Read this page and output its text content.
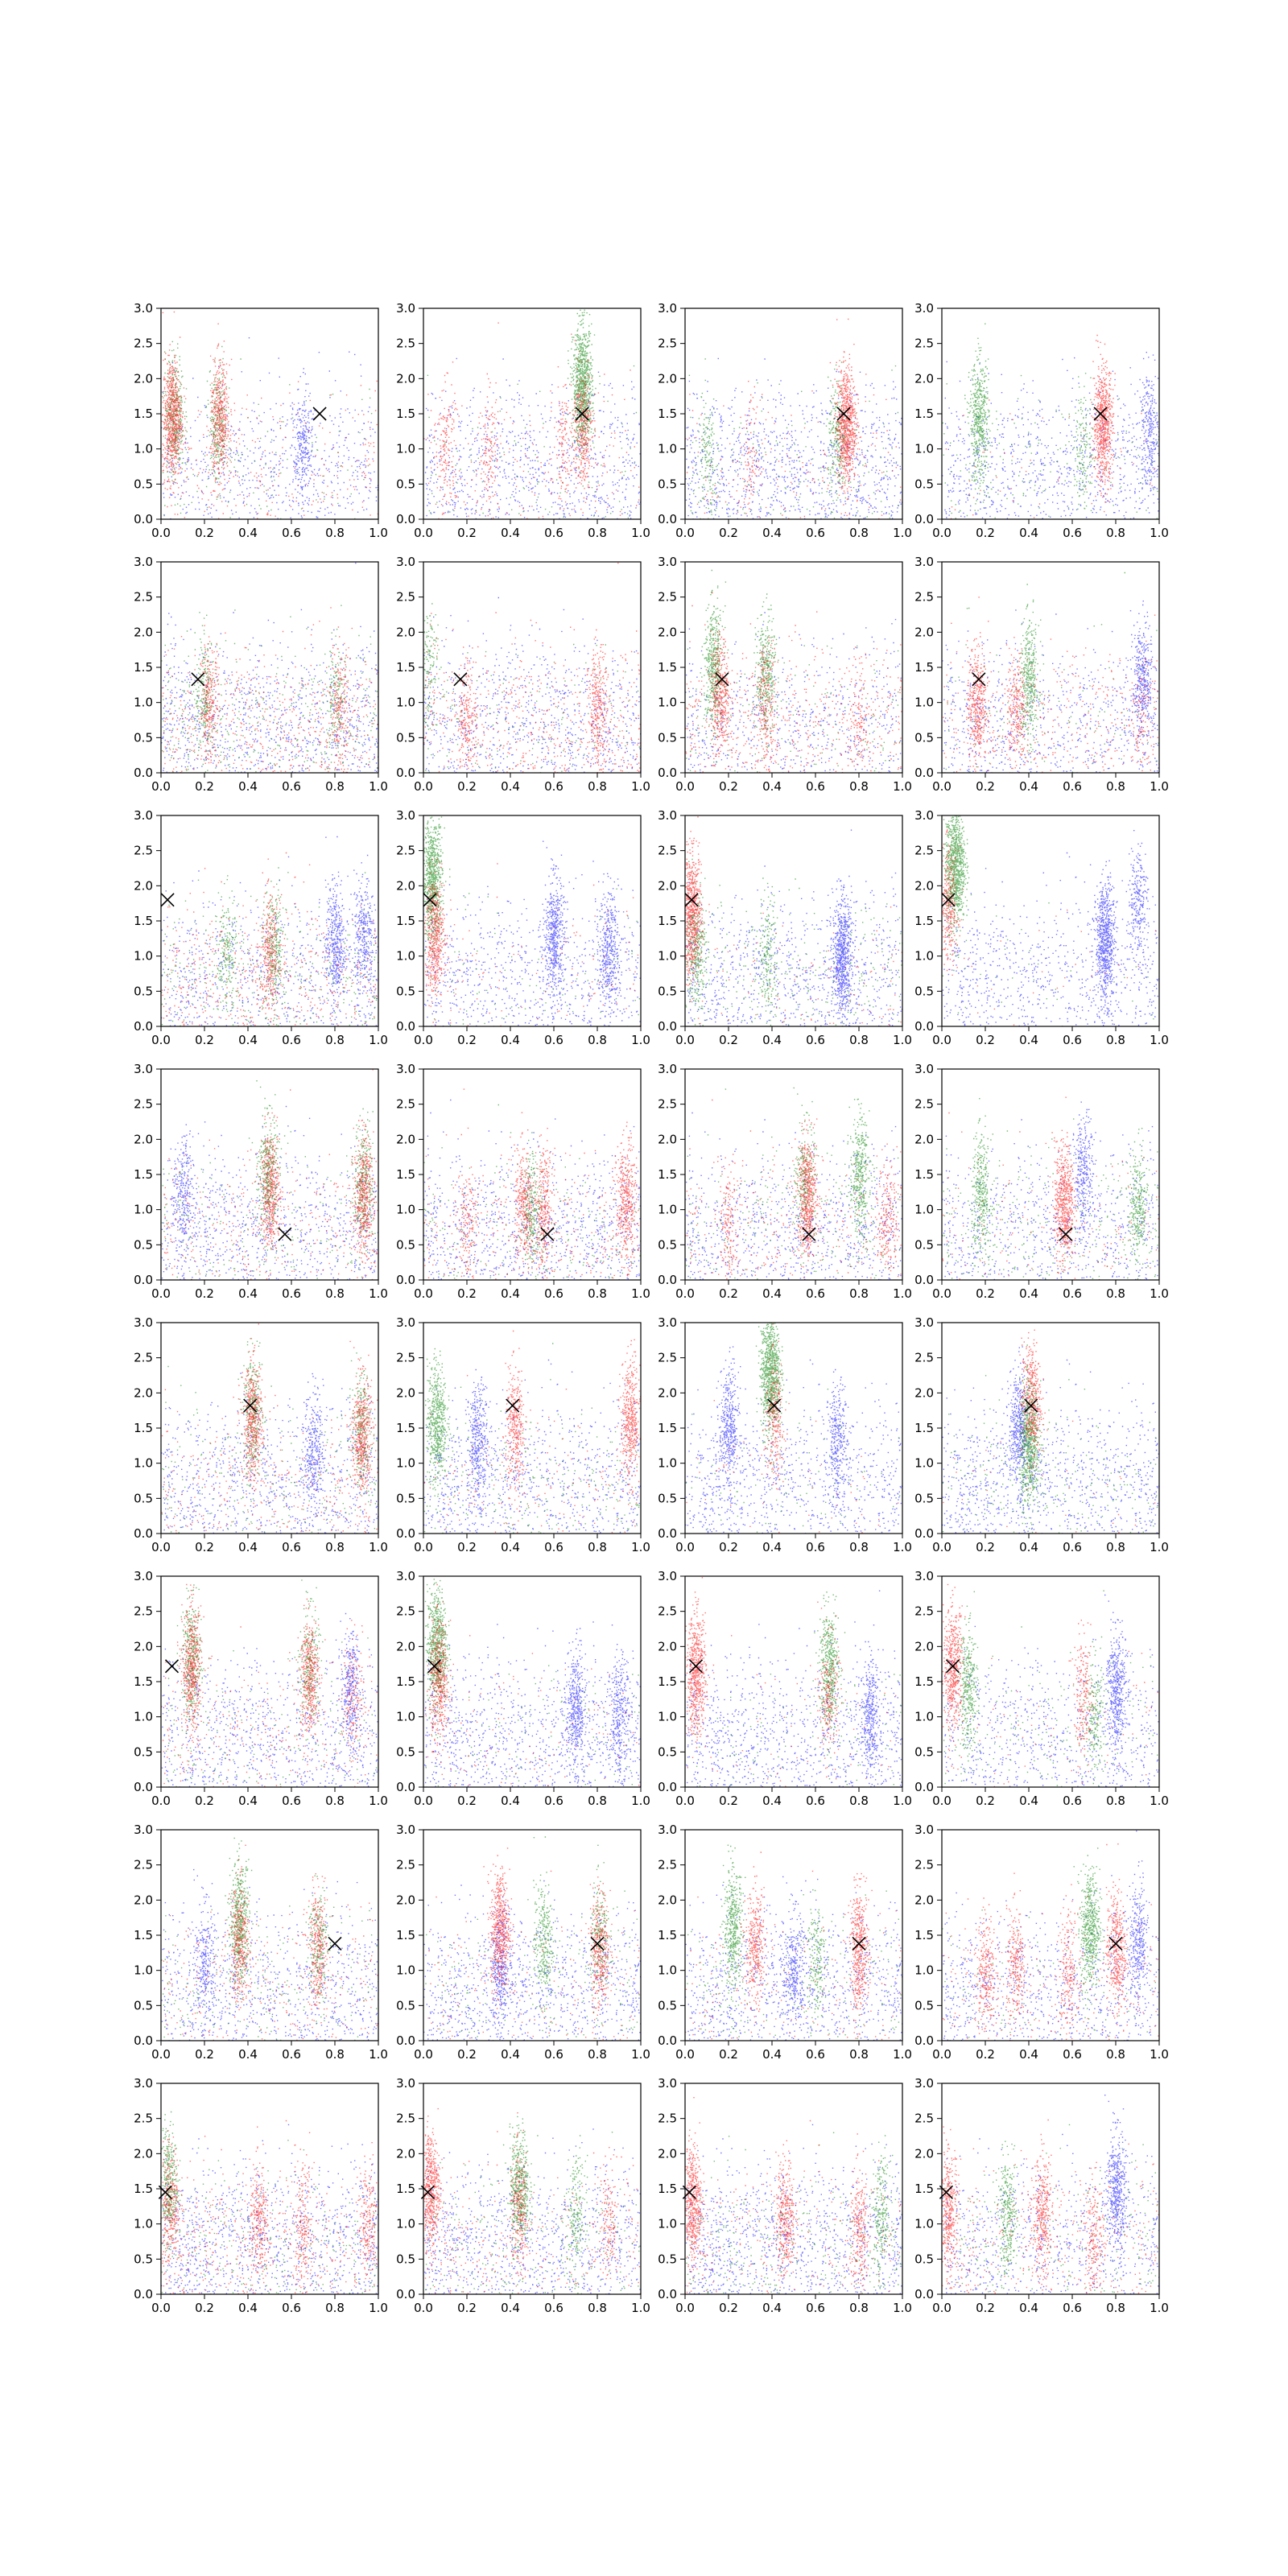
0.0 0.2 0.4 0.6 0.8 1.0
0.0
0.5
1.0
1.5
2.0
2.5
3.0
0.0 0.2 0.4 0.6 0.8 1.0
0.0
0.5
1.0
1.5
2.0
2.5
3.0
0.0 0.2 0.4 0.6 0.8 1.0
0.0
0.5
1.0
1.5
2.0
2.5
3.0
0.0 0.2 0.4 0.6 0.8 1.0
0.0
0.5
1.0
1.5
2.0
2.5
3.0
0.0 0.2 0.4 0.6 0.8 1.0
0.0
0.5
1.0
1.5
2.0
2.5
3.0
0.0 0.2 0.4 0.6 0.8 1.0
0.0
0.5
1.0
1.5
2.0
2.5
3.0
0.0 0.2 0.4 0.6 0.8 1.0
0.0
0.5
1.0
1.5
2.0
2.5
3.0
0.0 0.2 0.4 0.6 0.8 1.0
0.0
0.5
1.0
1.5
2.0
2.5
3.0
0.0 0.2 0.4 0.6 0.8 1.0
0.0
0.5
1.0
1.5
2.0
2.5
3.0
0.0 0.2 0.4 0.6 0.8 1.0
0.0
0.5
1.0
1.5
2.0
2.5
3.0
0.0 0.2 0.4 0.6 0.8 1.0
0.0
0.5
1.0
1.5
2.0
2.5
3.0
0.0 0.2 0.4 0.6 0.8 1.0
0.0
0.5
1.0
1.5
2.0
2.5
3.0
0.0 0.2 0.4 0.6 0.8 1.0
0.0
0.5
1.0
1.5
2.0
2.5
3.0
0.0 0.2 0.4 0.6 0.8 1.0
0.0
0.5
1.0
1.5
2.0
2.5
3.0
0.0 0.2 0.4 0.6 0.8 1.0
0.0
0.5
1.0
1.5
2.0
2.5
3.0
0.0 0.2 0.4 0.6 0.8 1.0
0.0
0.5
1.0
1.5
2.0
2.5
3.0
0.0 0.2 0.4 0.6 0.8 1.0
0.0
0.5
1.0
1.5
2.0
2.5
3.0
0.0 0.2 0.4 0.6 0.8 1.0
0.0
0.5
1.0
1.5
2.0
2.5
3.0
0.0 0.2 0.4 0.6 0.8 1.0
0.0
0.5
1.0
1.5
2.0
2.5
3.0
0.0 0.2 0.4 0.6 0.8 1.0
0.0
0.5
1.0
1.5
2.0
2.5
3.0
0.0 0.2 0.4 0.6 0.8 1.0
0.0
0.5
1.0
1.5
2.0
2.5
3.0
0.0 0.2 0.4 0.6 0.8 1.0
0.0
0.5
1.0
1.5
2.0
2.5
3.0
0.0 0.2 0.4 0.6 0.8 1.0
0.0
0.5
1.0
1.5
2.0
2.5
3.0
0.0 0.2 0.4 0.6 0.8 1.0
0.0
0.5
1.0
1.5
2.0
2.5
3.0
0.0 0.2 0.4 0.6 0.8 1.0
0.0
0.5
1.0
1.5
2.0
2.5
3.0
0.0 0.2 0.4 0.6 0.8 1.0
0.0
0.5
1.0
1.5
2.0
2.5
3.0
0.0 0.2 0.4 0.6 0.8 1.0
0.0
0.5
1.0
1.5
2.0
2.5
3.0
0.0 0.2 0.4 0.6 0.8 1.0
0.0
0.5
1.0
1.5
2.0
2.5
3.0
0.0 0.2 0.4 0.6 0.8 1.0
0.0
0.5
1.0
1.5
2.0
2.5
3.0
0.0 0.2 0.4 0.6 0.8 1.0
0.0
0.5
1.0
1.5
2.0
2.5
3.0
0.0 0.2 0.4 0.6 0.8 1.0
0.0
0.5
1.0
1.5
2.0
2.5
3.0
0.0 0.2 0.4 0.6 0.8 1.0
0.0
0.5
1.0
1.5
2.0
2.5
3.0
